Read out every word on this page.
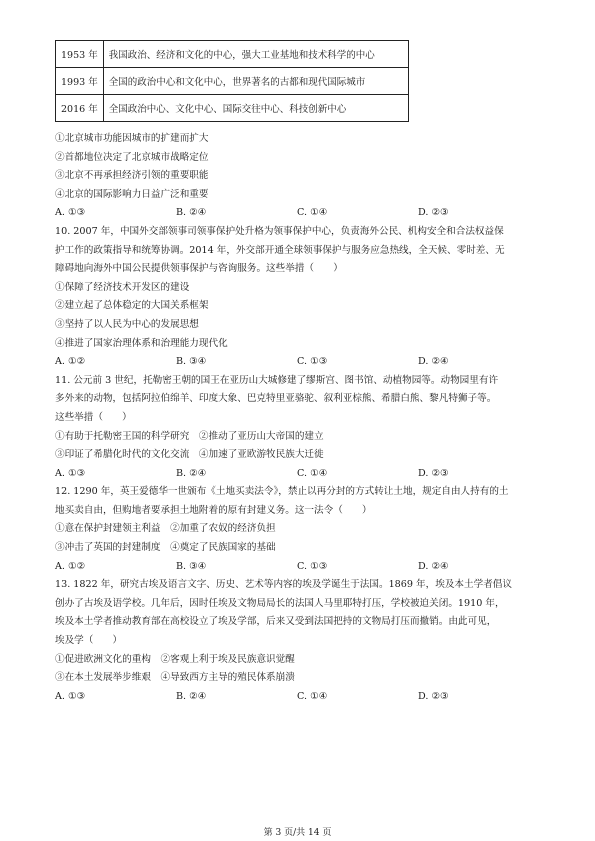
1953 年	我国政治、经济和文化的中心，强大工业基地和技术科学的中心
1993 年	全国的政治中心和文化中心，世界著名的古都和现代国际城市
2016 年	全国政治中心、文化中心、国际交往中心、科技创新中心
①北京城市功能因城市的扩建而扩大
②首都地位决定了北京城市战略定位
③北京不再承担经济引领的重要职能
④北京的国际影响力日益广泛和重要
A. ①③	B. ②④	C. ①④	D. ②③
10. 2007 年，中国外交部领事司领事保护处升格为领事保护中心，负责海外公民、机构安全和合法权益保
护工作的政策指导和统筹协调。2014 年，外交部开通全球领事保护与服务应急热线，全天候、零时差、无
障碍地向海外中国公民提供领事保护与咨询服务。这些举措（　　）
①保障了经济技术开发区的建设
②建立起了总体稳定的大国关系框架
③坚持了以人民为中心的发展思想
④推进了国家治理体系和治理能力现代化
A. ①②	B. ③④	C. ①③	D. ②④
11. 公元前 3 世纪，托勒密王朝的国王在亚历山大城修建了缪斯宫、图书馆、动植物园等。动物园里有许
多外来的动物，包括阿拉伯绵羊、印度大象、巴克特里亚骆驼、叙利亚棕熊、希腊白熊、黎凡特狮子等。
这些举措（　　）
①有助于托勒密王国的科学研究　②推动了亚历山大帝国的建立
③印证了希腊化时代的文化交流　④加速了亚欧游牧民族大迁徙
A. ①③	B. ②④	C. ①④	D. ②③
12. 1290 年，英王爱德华一世颁布《土地买卖法令》，禁止以再分封的方式转让土地，规定自由人持有的土
地买卖自由，但购地者要承担土地附着的原有封建义务。这一法令（　　）
①意在保护封建领主利益　②加重了农奴的经济负担
③冲击了英国的封建制度　④奠定了民族国家的基础
A. ①②	B. ③④	C. ①③	D. ②④
13. 1822 年，研究古埃及语言文字、历史、艺术等内容的埃及学诞生于法国。1869 年，埃及本土学者倡议
创办了古埃及语学校。几年后，因时任埃及文物局局长的法国人马里耶特打压，学校被迫关闭。1910 年，
埃及本土学者推动教育部在高校设立了埃及学部，后来又受到法国把持的文物局打压而撤销。由此可见，
埃及学（　　）
①促进欧洲文化的重构　②客观上利于埃及民族意识觉醒
③在本土发展举步维艰　④导致西方主导的殖民体系崩溃
A. ①③	B. ②④	C. ①④	D. ②③
第 3 页/共 14 页
